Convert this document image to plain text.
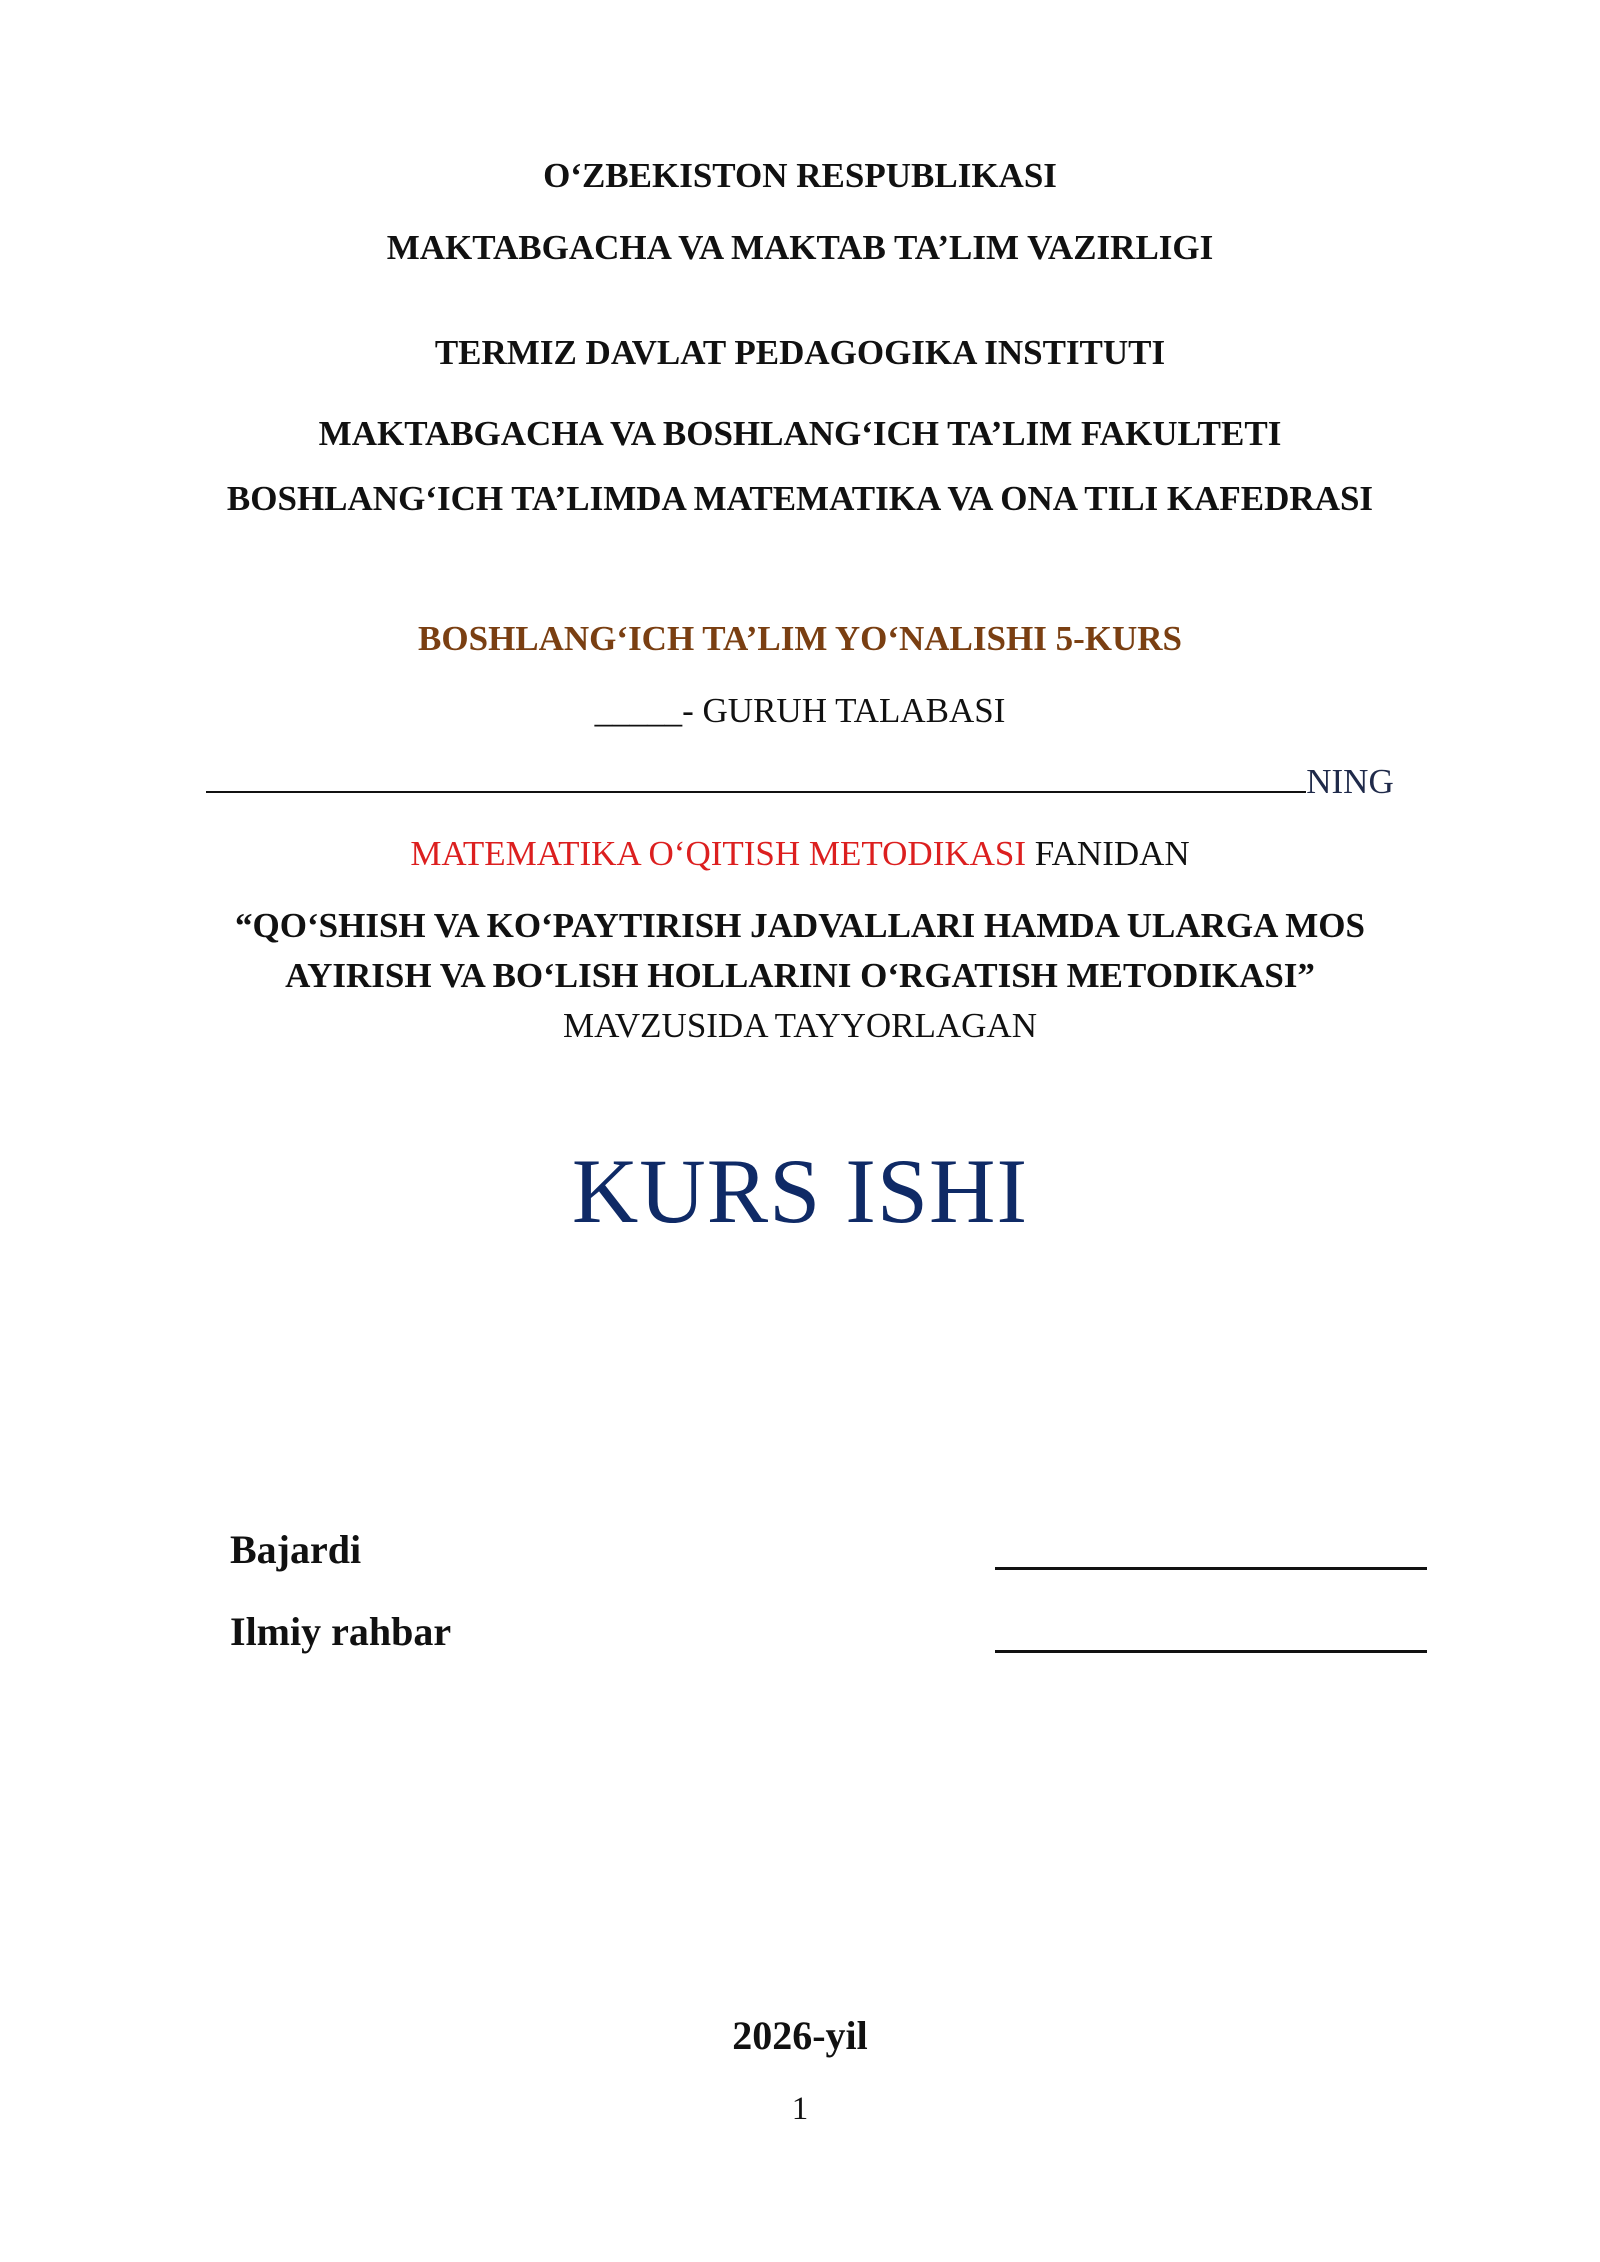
O‘ZBEKISTON RESPUBLIKASI
MAKTABGACHA VA MAKTAB TA’LIM VAZIRLIGI
TERMIZ DAVLAT PEDAGOGIKA INSTITUTI
MAKTABGACHA VA BOSHLANG‘ICH TA’LIM FAKULTETI
BOSHLANG‘ICH TA’LIMDA MATEMATIKA VA ONA TILI KAFEDRASI
BOSHLANG‘ICH TA’LIM YO‘NALISHI 5-KURS
_____- GURUH TALABASI
NING
MATEMATIKA O‘QITISH METODIKASI FANIDAN
“QO‘SHISH VA KO‘PAYTIRISH JADVALLARI HAMDA ULARGA MOS
AYIRISH VA BO‘LISH HOLLARINI O‘RGATISH METODIKASI”
MAVZUSIDA TAYYORLAGAN
KURS ISHI
Bajardi
Ilmiy rahbar
2026-yil
1
